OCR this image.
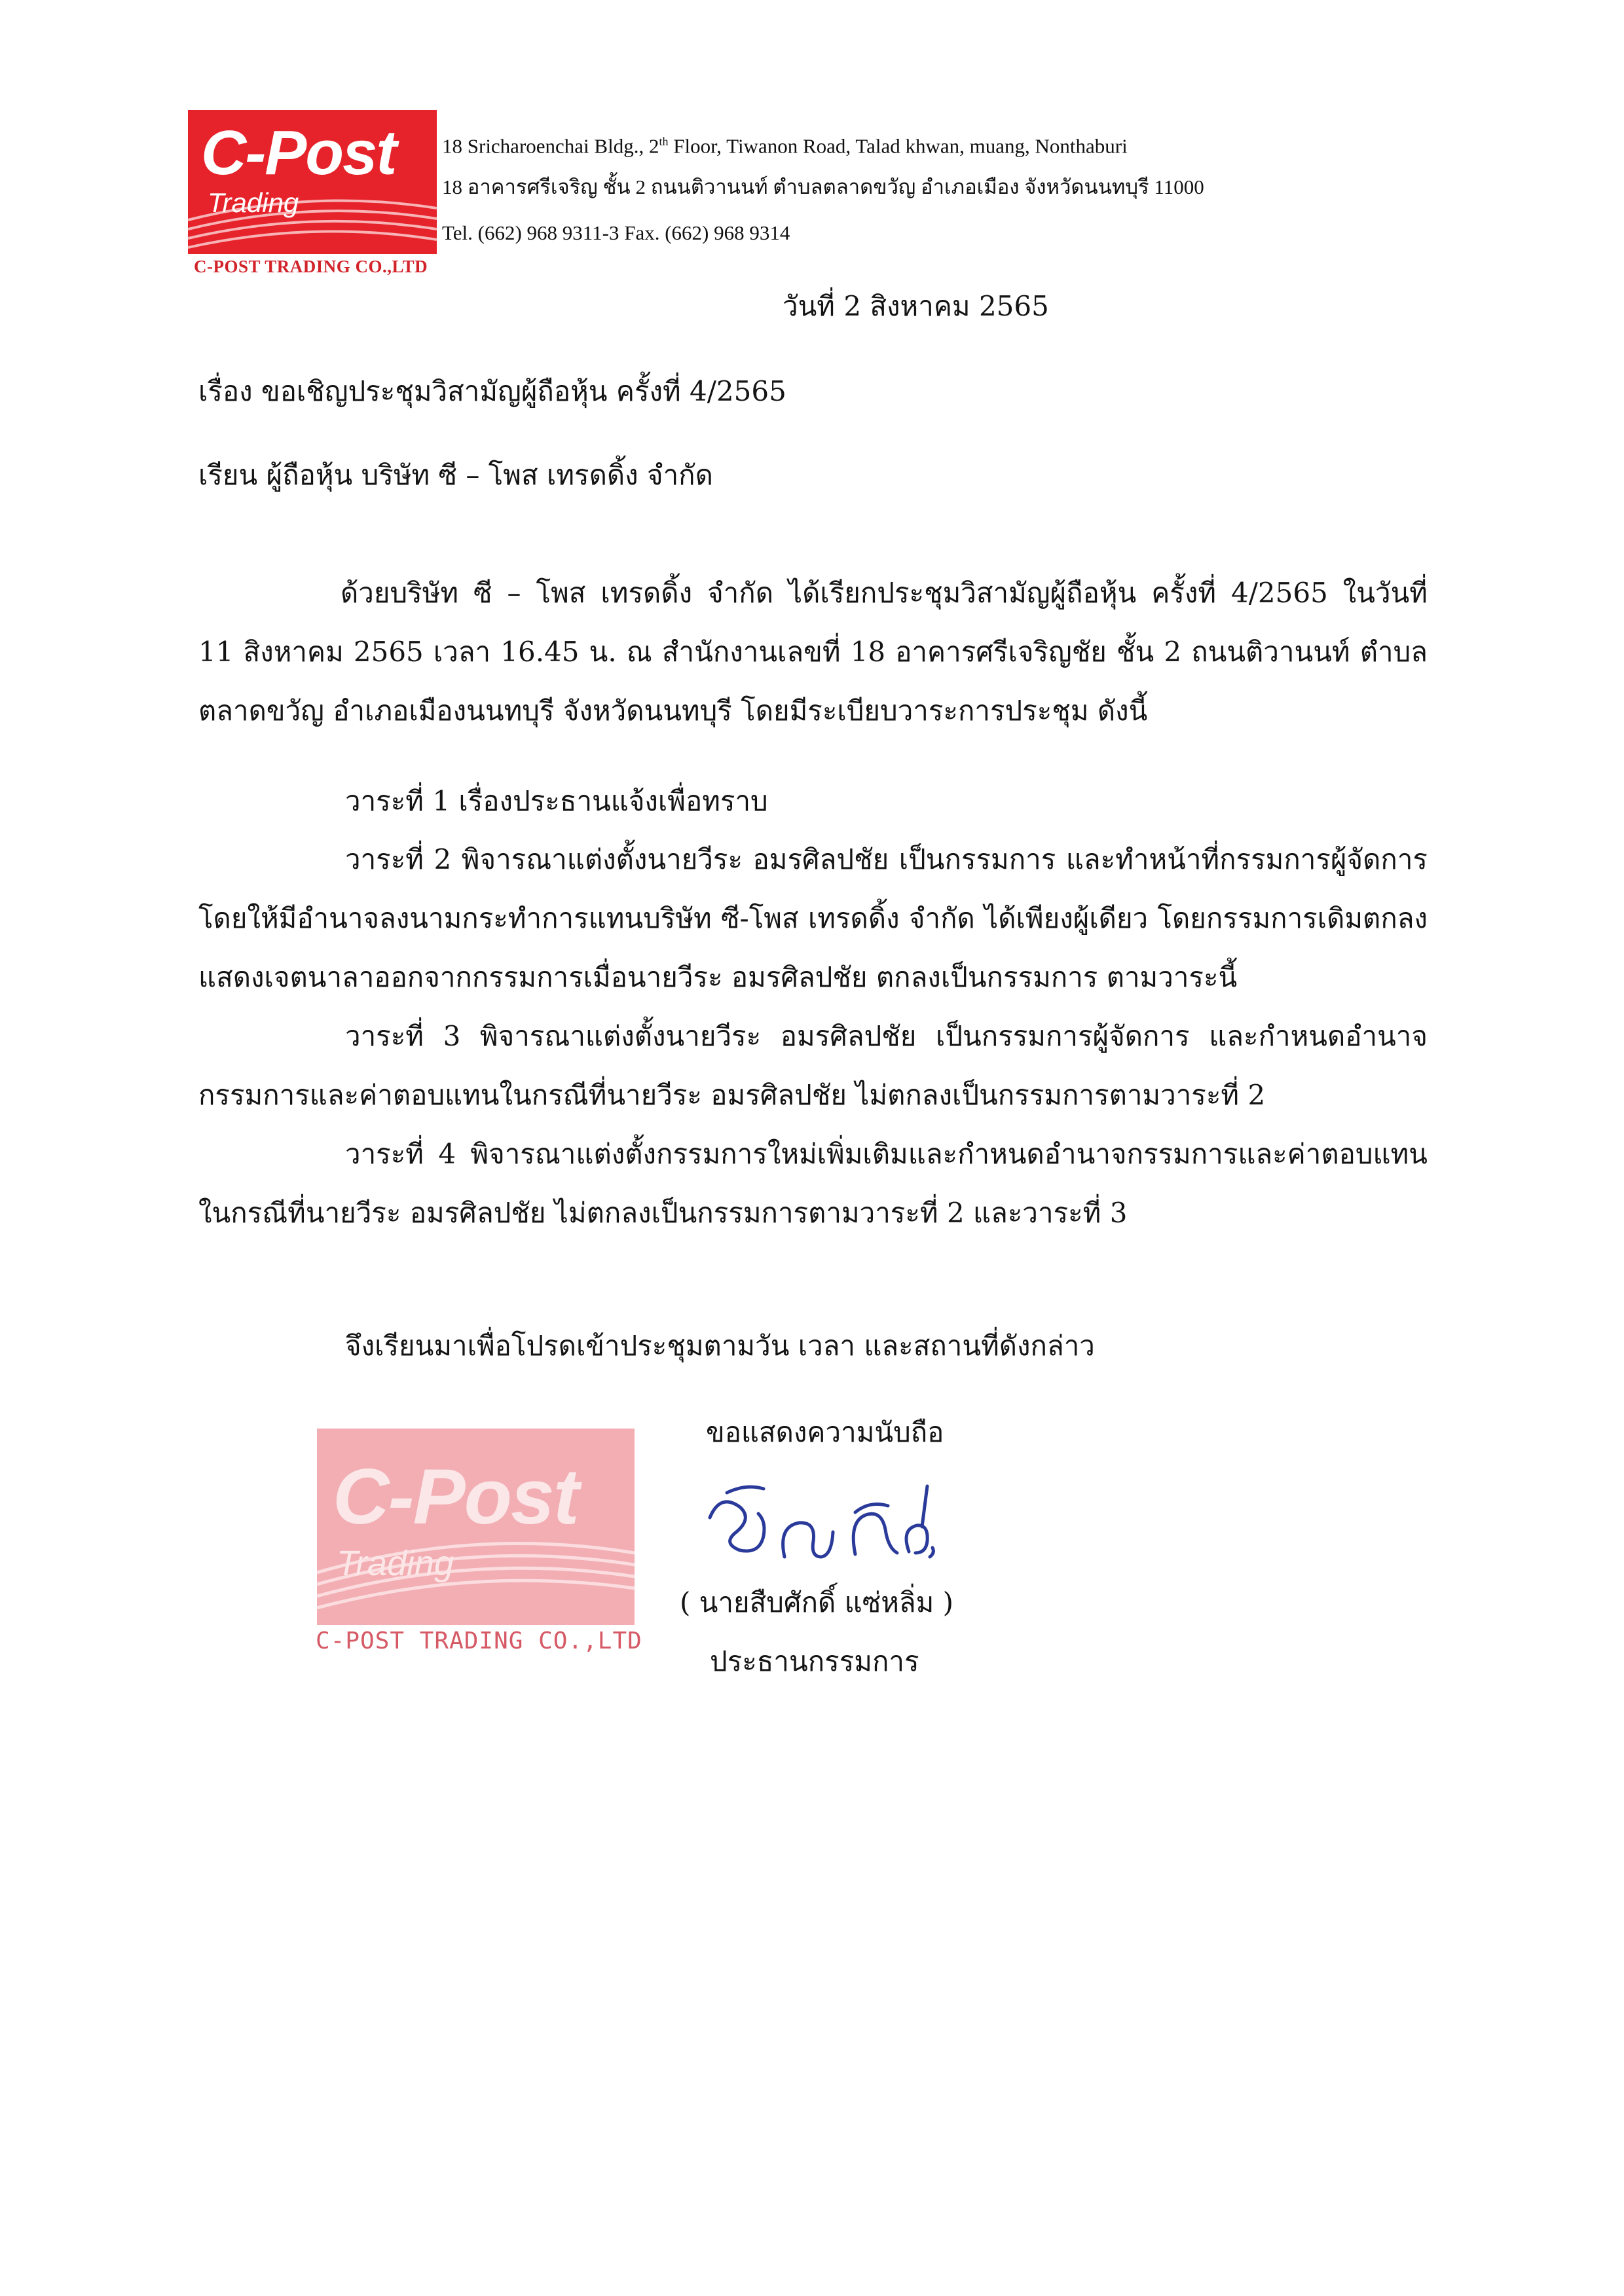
C-Post
Trading
C-POST TRADING CO.,LTD
18 Sricharoenchai Bldg., 2th Floor, Tiwanon Road, Talad khwan, muang, Nonthaburi
18 อาคารศรีเจริญ ชั้น 2 ถนนติวานนท์ ตำบลตลาดขวัญ อำเภอเมือง จังหวัดนนทบุรี 11000
Tel. (662) 968 9311-3 Fax. (662) 968 9314
วันที่ 2 สิงหาคม 2565
เรื่อง ขอเชิญประชุมวิสามัญผู้ถือหุ้น ครั้งที่ 4/2565
เรียน ผู้ถือหุ้น บริษัท ซี – โพส เทรดดิ้ง จำกัด
ด้วยบริษัท ซี – โพส เทรดดิ้ง จำกัด ได้เรียกประชุมวิสามัญผู้ถือหุ้น ครั้งที่ 4/2565 ในวันที่
11 สิงหาคม 2565 เวลา 16.45 น. ณ สำนักงานเลขที่ 18 อาคารศรีเจริญชัย ชั้น 2 ถนนติวานนท์ ตำบล
ตลาดขวัญ อำเภอเมืองนนทบุรี จังหวัดนนทบุรี โดยมีระเบียบวาระการประชุม ดังนี้
วาระที่ 1 เรื่องประธานแจ้งเพื่อทราบ
วาระที่ 2 พิจารณาแต่งตั้งนายวีระ อมรศิลปชัย เป็นกรรมการ และทำหน้าที่กรรมการผู้จัดการ
โดยให้มีอำนาจลงนามกระทำการแทนบริษัท ซี-โพส เทรดดิ้ง จำกัด ได้เพียงผู้เดียว โดยกรรมการเดิมตกลง
แสดงเจตนาลาออกจากกรรมการเมื่อนายวีระ อมรศิลปชัย ตกลงเป็นกรรมการ ตามวาระนี้
วาระที่ 3 พิจารณาแต่งตั้งนายวีระ อมรศิลปชัย เป็นกรรมการผู้จัดการ และกำหนดอำนาจ
กรรมการและค่าตอบแทนในกรณีที่นายวีระ อมรศิลปชัย ไม่ตกลงเป็นกรรมการตามวาระที่ 2
วาระที่ 4 พิจารณาแต่งตั้งกรรมการใหม่เพิ่มเติมและกำหนดอำนาจกรรมการและค่าตอบแทน
ในกรณีที่นายวีระ อมรศิลปชัย ไม่ตกลงเป็นกรรมการตามวาระที่ 2 และวาระที่ 3
จึงเรียนมาเพื่อโปรดเข้าประชุมตามวัน เวลา และสถานที่ดังกล่าว
ขอแสดงความนับถือ
C-Post
Trading
C-POST TRADING CO.,LTD
( นายสืบศักดิ์ แซ่หลิ่ม )
ประธานกรรมการ
